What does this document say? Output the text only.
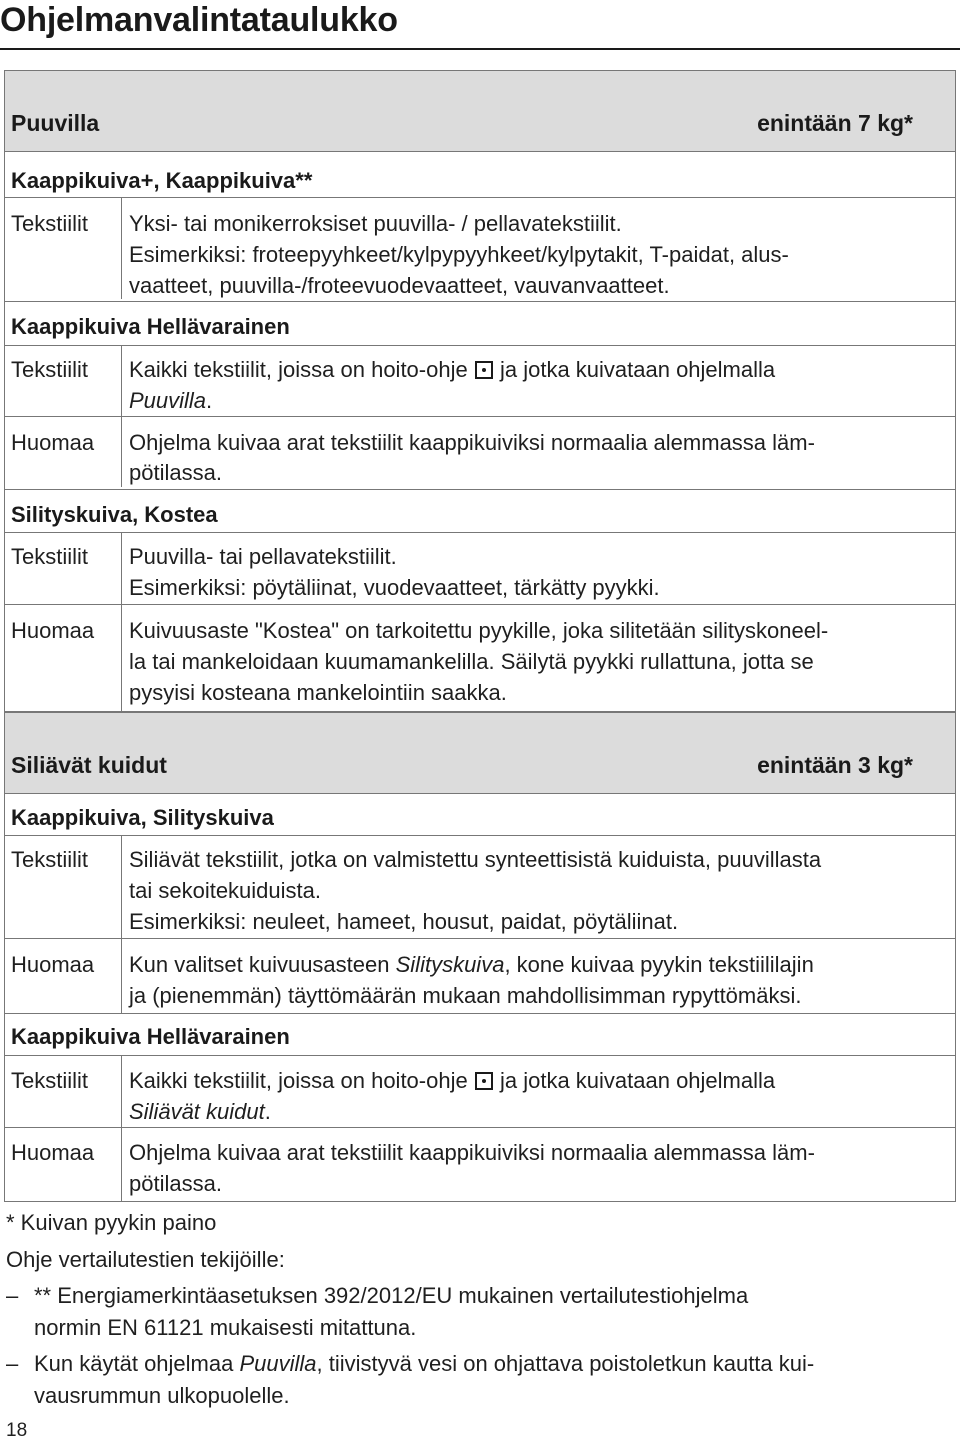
Ohjelmanvalintataulukko
Puuvilla	enintään 7 kg*
Kaappikuiva+, Kaappikuiva**
Tekstiilit Yksi- tai monikerroksiset puuvilla- / pellavatekstiilit.
Esimerkiksi: froteepyyhkeet/kylpypyyhkeet/kylpytakit, T-paidat, alus-
vaatteet, puuvilla-/froteevuodevaatteet, vauvanvaatteet.
Kaappikuiva Hellävarainen
Tekstiilit Kaikki tekstiilit, joissa on hoito-ohje ja jotka kuivataan ohjelmalla
Puuvilla.
Huomaa Ohjelma kuivaa arat tekstiilit kaappikuiviksi normaalia alemmassa läm-
pötilassa.
Silityskuiva, Kostea
Tekstiilit Puuvilla- tai pellavatekstiilit.
Esimerkiksi: pöytäliinat, vuodevaatteet, tärkätty pyykki.
Huomaa Kuivuusaste "Kostea" on tarkoitettu pyykille, joka silitetään silityskoneel-
la tai mankeloidaan kuumamankelilla. Säilytä pyykki rullattuna, jotta se
pysyisi kosteana mankelointiin saakka.
Siliävät kuidut	enintään 3 kg*
Kaappikuiva, Silityskuiva
Tekstiilit Siliävät tekstiilit, jotka on valmistettu synteettisistä kuiduista, puuvillasta
tai sekoitekuiduista.
Esimerkiksi: neuleet, hameet, housut, paidat, pöytäliinat.
Huomaa Kun valitset kuivuusasteen Silityskuiva, kone kuivaa pyykin tekstiililajin
ja (pienemmän) täyttömäärän mukaan mahdollisimman rypyttömäksi.
Kaappikuiva Hellävarainen
Tekstiilit Kaikki tekstiilit, joissa on hoito-ohje ja jotka kuivataan ohjelmalla
Siliävät kuidut.
Huomaa Ohjelma kuivaa arat tekstiilit kaappikuiviksi normaalia alemmassa läm-
pötilassa.
* Kuivan pyykin paino
Ohje vertailutestien tekijöille:
– ** Energiamerkintäasetuksen 392/2012/EU mukainen vertailutestiohjelma
normin EN 61121 mukaisesti mitattuna.
– Kun käytät ohjelmaa Puuvilla, tiivistyvä vesi on ohjattava poistoletkun kautta kui-
vausrummun ulkopuolelle.
18
